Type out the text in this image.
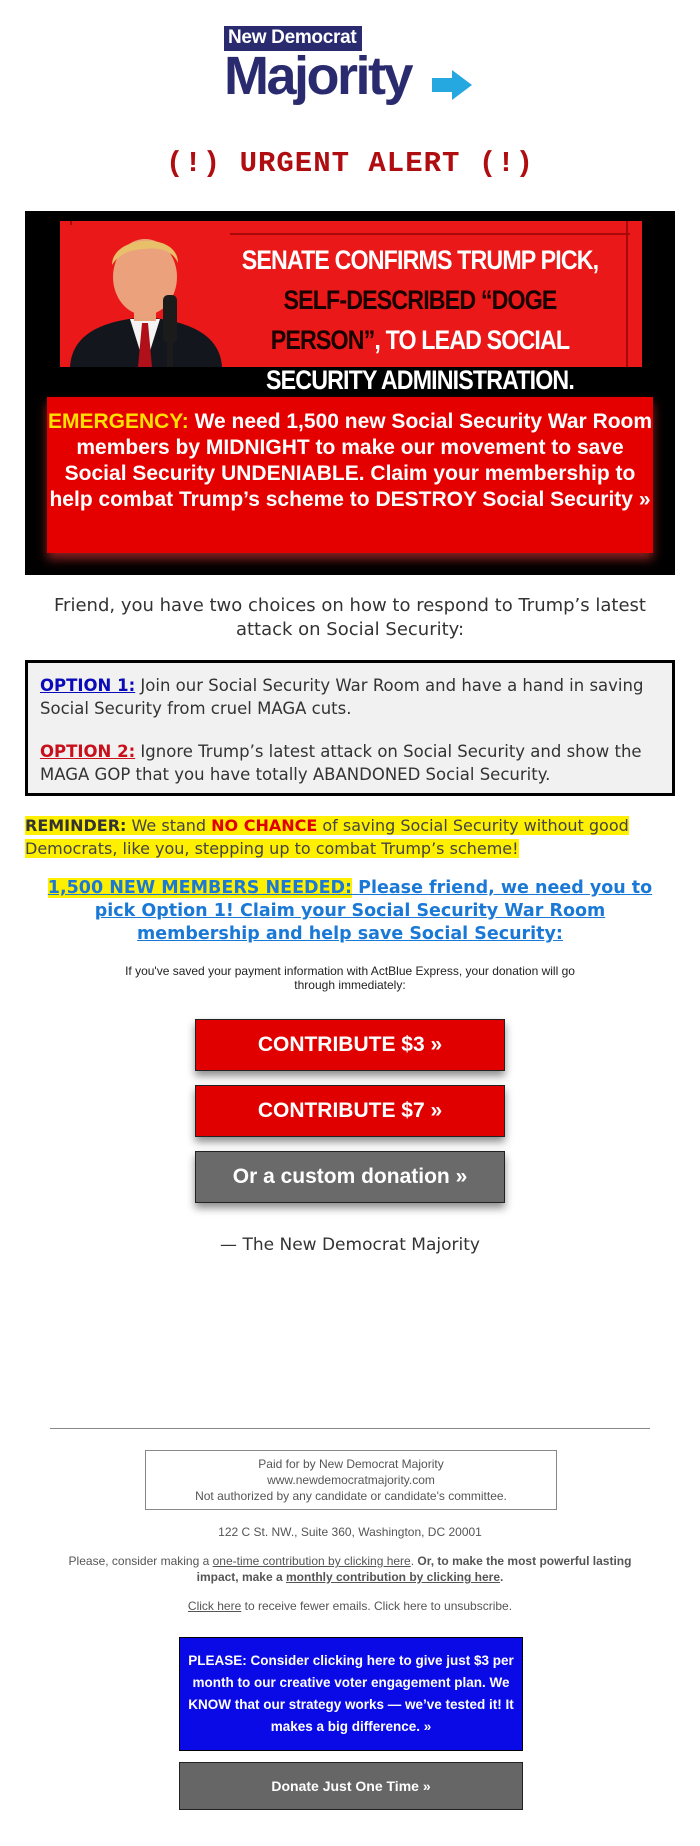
New Democrat
Majority
(!) URGENT ALERT (!)
SENATE CONFIRMS TRUMP PICK, SELF-DESCRIBED “DOGE PERSON”, TO LEAD SOCIAL SECURITY ADMINISTRATION.
EMERGENCY: We need 1,500 new Social Security War Room members by MIDNIGHT to make our movement to save Social Security UNDENIABLE. Claim your membership to help combat Trump’s scheme to DESTROY Social Security »
Friend, you have two choices on how to respond to Trump’s latest attack on Social Security:
OPTION 1: Join our Social Security War Room and have a hand in saving Social Security from cruel MAGA cuts.
OPTION 2: Ignore Trump’s latest attack on Social Security and show the MAGA GOP that you have totally ABANDONED Social Security.
REMINDER: We stand NO CHANCE of saving Social Security without good Democrats, like you, stepping up to combat Trump’s scheme!
1,500 NEW MEMBERS NEEDED: Please friend, we need you to pick Option 1! Claim your Social Security War Room membership and help save Social Security:
If you've saved your payment information with ActBlue Express, your donation will go through immediately:
CONTRIBUTE $3 »
CONTRIBUTE $7 »
Or a custom donation »
— The New Democrat Majority
Paid for by New Democrat Majority
www.newdemocratmajority.com
Not authorized by any candidate or candidate's committee.
122 C St. NW., Suite 360, Washington, DC 20001
Please, consider making a one-time contribution by clicking here. Or, to make the most powerful lasting impact, make a monthly contribution by clicking here.
Click here to receive fewer emails. Click here to unsubscribe.
PLEASE: Consider clicking here to give just $3 per month to our creative voter engagement plan. We KNOW that our strategy works — we’ve tested it! It makes a big difference. »
Donate Just One Time »
